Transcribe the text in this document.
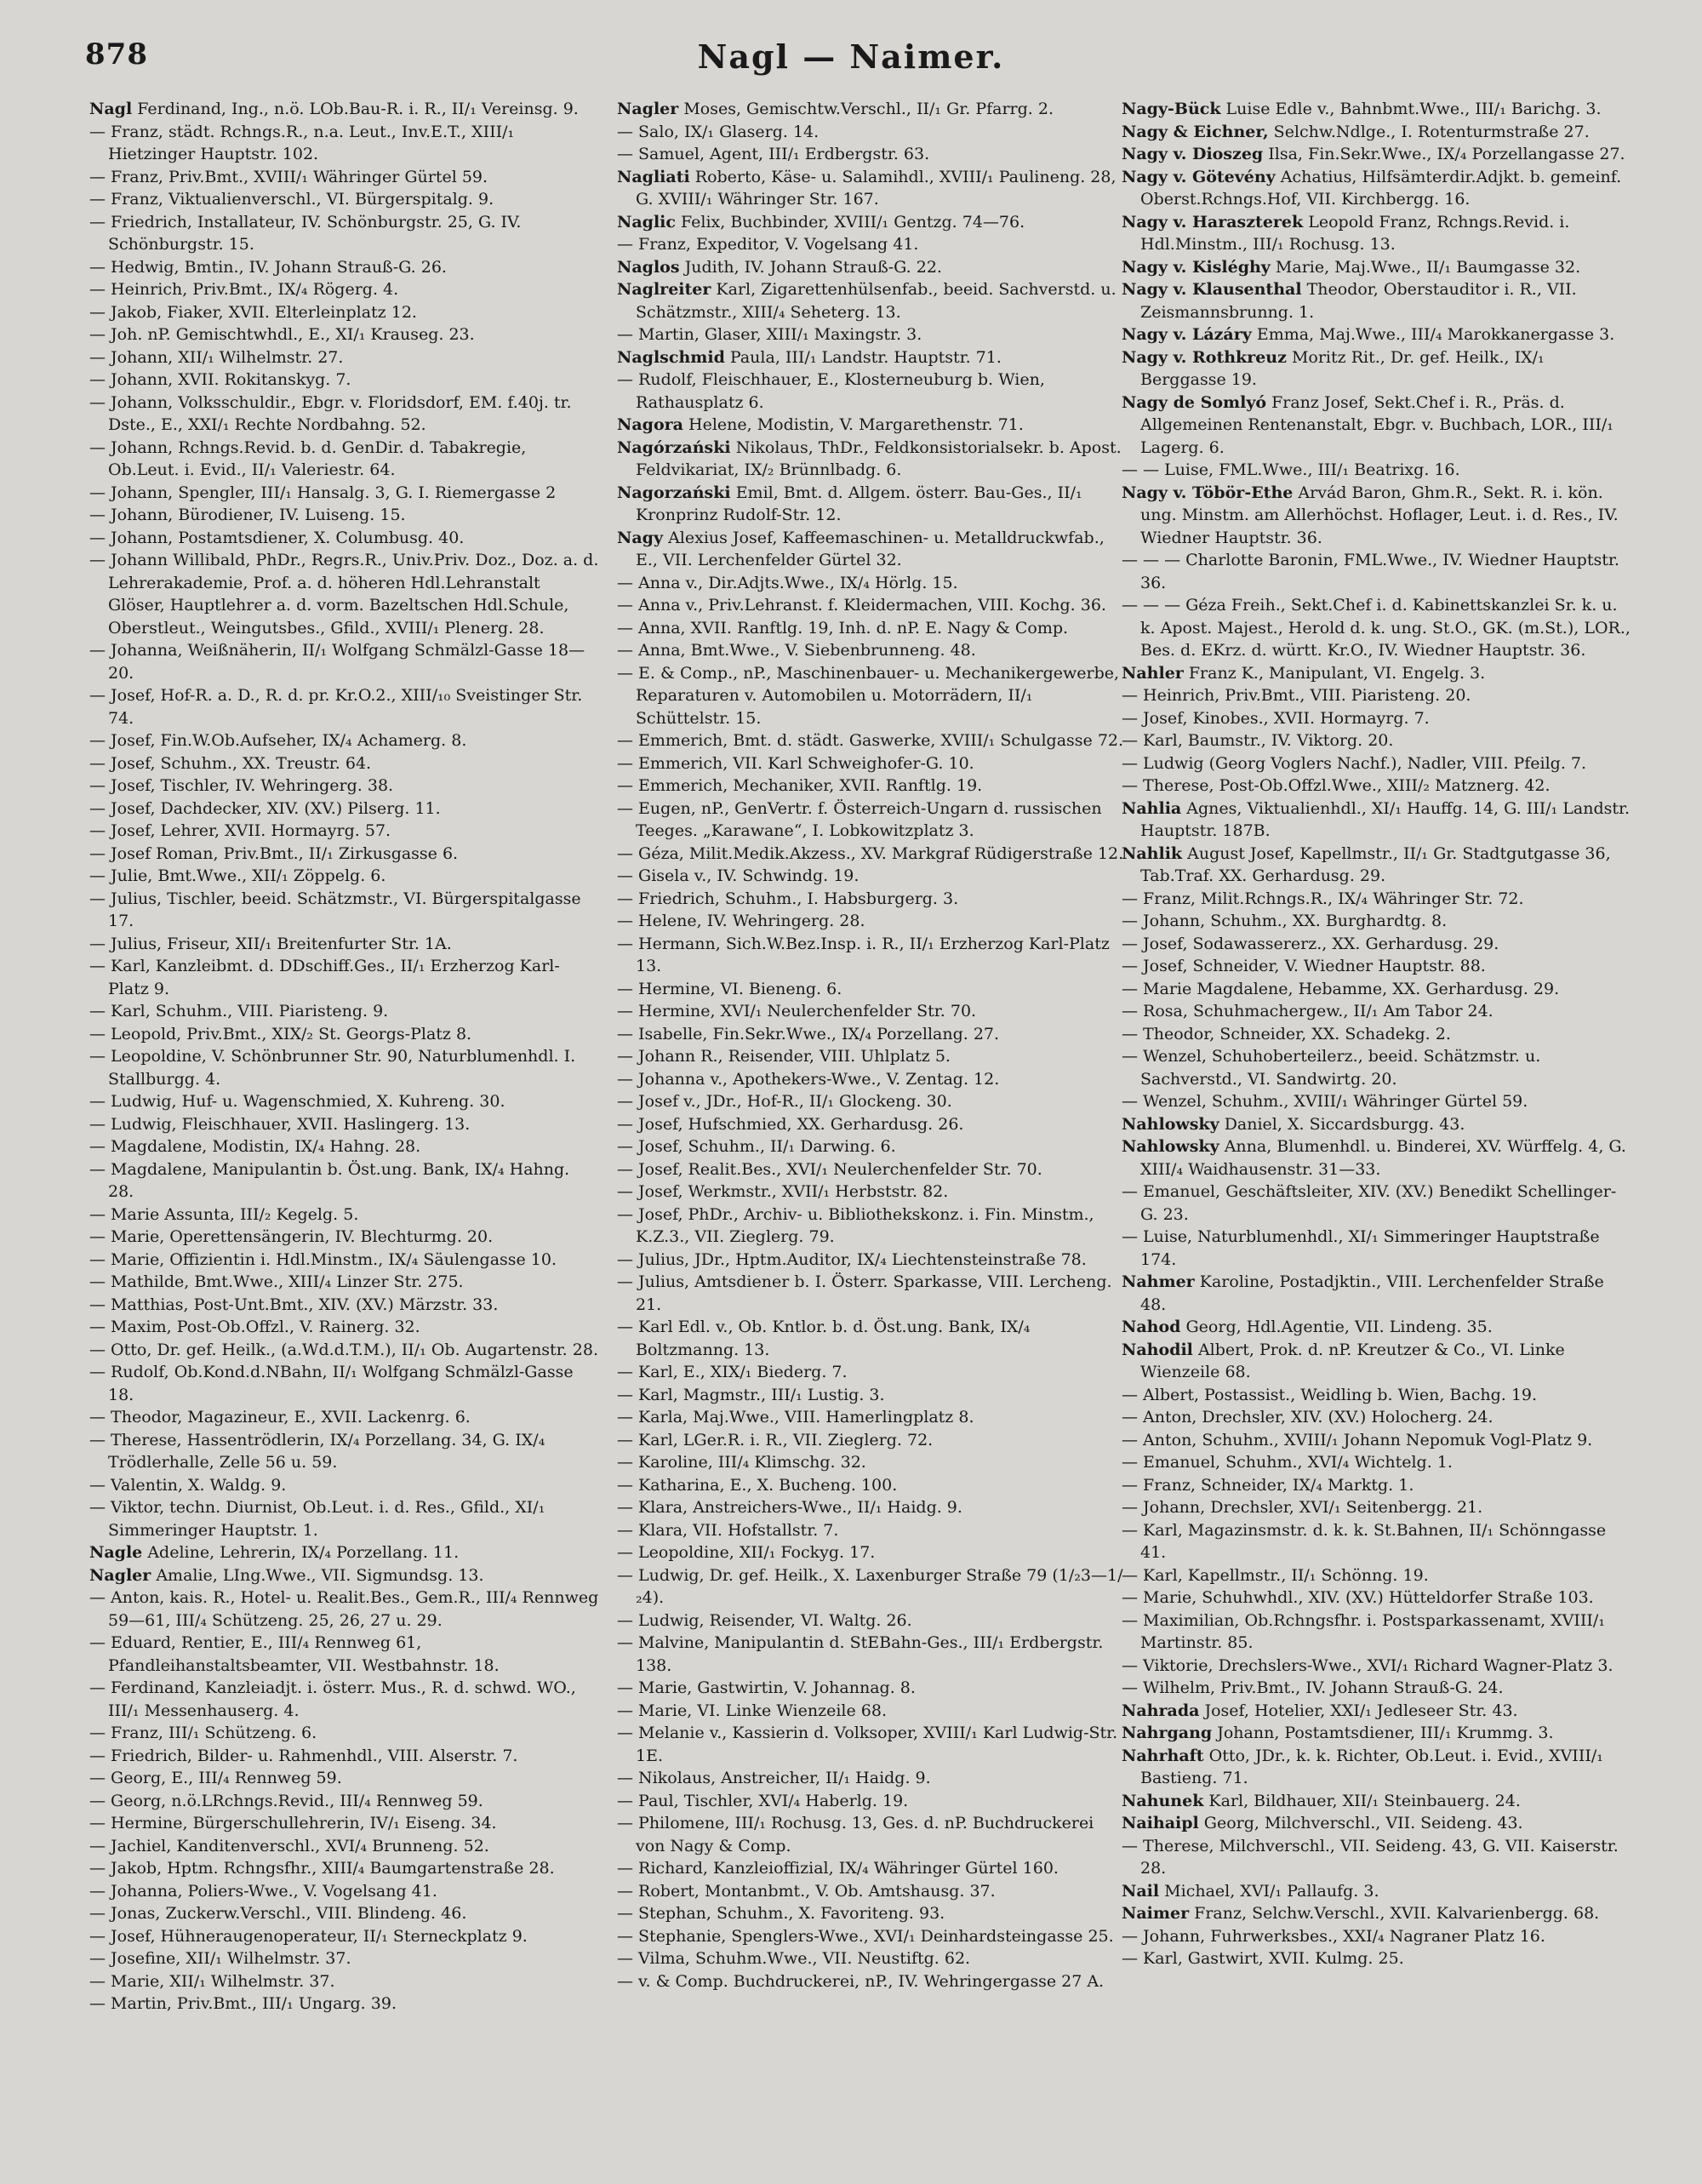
878	Nagl — Naimer.

Nagl Ferdinand, Ing., n.ö. LOb.Bau-R. i. R., II/₁ Vereinsg. 9.

— Franz, städt. Rchngs.R., n.a. Leut., Inv.E.T., XIII/₁ Hietzinger Hauptstr. 102.

— Franz, Priv.Bmt., XVIII/₁ Währinger Gürtel 59.

— Franz, Viktualienverschl., VI. Bürgerspitalg. 9.

— Friedrich, Installateur, IV. Schönburgstr. 25, G. IV. Schönburgstr. 15.

— Hedwig, Bmtin., IV. Johann Strauß-G. 26.

— Heinrich, Priv.Bmt., IX/₄ Rögerg. 4.

— Jakob, Fiaker, XVII. Elterleinplatz 12.

— Joh. nP. Gemischtwhdl., E., XI/₁ Krauseg. 23.

— Johann, XII/₁ Wilhelmstr. 27.

— Johann, XVII. Rokitanskyg. 7.

— Johann, Volksschuldir., Ebgr. v. Floridsdorf, EM. f.40j. tr. Dste., E., XXI/₁ Rechte Nordbahng. 52.

— Johann, Rchngs.Revid. b. d. GenDir. d. Tabakregie, Ob.Leut. i. Evid., II/₁ Valeriestr. 64.

— Johann, Spengler, III/₁ Hansalg. 3, G. I. Riemergasse 2

— Johann, Bürodiener, IV. Luiseng. 15.

— Johann, Postamtsdiener, X. Columbusg. 40.

— Johann Willibald, PhDr., Regrs.R., Univ.Priv. Doz., Doz. a. d. Lehrerakademie, Prof. a. d. höheren Hdl.Lehranstalt Glöser, Hauptlehrer a. d. vorm. Bazeltschen Hdl.Schule, Oberstleut., Weingutsbes., Gfild., XVIII/₁ Plenerg. 28.

— Johanna, Weißnäherin, II/₁ Wolfgang Schmälzl-Gasse 18—20.

— Josef, Hof-R. a. D., R. d. pr. Kr.O.2., XIII/₁₀ Sveistinger Str. 74.

— Josef, Fin.W.Ob.Aufseher, IX/₄ Achamerg. 8.

— Josef, Schuhm., XX. Treustr. 64.

— Josef, Tischler, IV. Wehringerg. 38.

— Josef, Dachdecker, XIV. (XV.) Pilserg. 11.

— Josef, Lehrer, XVII. Hormayrg. 57.

— Josef Roman, Priv.Bmt., II/₁ Zirkusgasse 6.

— Julie, Bmt.Wwe., XII/₁ Zöppelg. 6.

— Julius, Tischler, beeid. Schätzmstr., VI. Bürgerspitalgasse 17.

— Julius, Friseur, XII/₁ Breitenfurter Str. 1A.

— Karl, Kanzleibmt. d. DDschiff.Ges., II/₁ Erzherzog Karl-Platz 9.

— Karl, Schuhm., VIII. Piaristeng. 9.

— Leopold, Priv.Bmt., XIX/₂ St. Georgs-Platz 8.

— Leopoldine, V. Schönbrunner Str. 90, Naturblumenhdl. I. Stallburgg. 4.

— Ludwig, Huf- u. Wagenschmied, X. Kuhreng. 30.

— Ludwig, Fleischhauer, XVII. Haslingerg. 13.

— Magdalene, Modistin, IX/₄ Hahng. 28.

— Magdalene, Manipulantin b. Öst.ung. Bank, IX/₄ Hahng. 28.

— Marie Assunta, III/₂ Kegelg. 5.

— Marie, Operettensängerin, IV. Blechturmg. 20.

— Marie, Offizientin i. Hdl.Minstm., IX/₄ Säulengasse 10.

— Mathilde, Bmt.Wwe., XIII/₄ Linzer Str. 275.

— Matthias, Post-Unt.Bmt., XIV. (XV.) Märzstr. 33.

— Maxim, Post-Ob.Offzl., V. Rainerg. 32.

— Otto, Dr. gef. Heilk., (a.Wd.d.T.M.), II/₁ Ob. Augartenstr. 28.

— Rudolf, Ob.Kond.d.NBahn, II/₁ Wolfgang Schmälzl-Gasse 18.

— Theodor, Magazineur, E., XVII. Lackenrg. 6.

— Therese, Hassentrödlerin, IX/₄ Porzellang. 34, G. IX/₄ Trödlerhalle, Zelle 56 u. 59.

— Valentin, X. Waldg. 9.

— Viktor, techn. Diurnist, Ob.Leut. i. d. Res., Gfild., XI/₁ Simmeringer Hauptstr. 1.

Nagle Adeline, Lehrerin, IX/₄ Porzellang. 11.

Nagler Amalie, LIng.Wwe., VII. Sigmundsg. 13.

— Anton, kais. R., Hotel- u. Realit.Bes., Gem.R., III/₄ Rennweg 59—61, III/₄ Schützeng. 25, 26, 27 u. 29.

— Eduard, Rentier, E., III/₄ Rennweg 61, Pfandleihanstaltsbeamter, VII. Westbahnstr. 18.

— Ferdinand, Kanzleiadjt. i. österr. Mus., R. d. schwd. WO., III/₁ Messenhauserg. 4.

— Franz, III/₁ Schützeng. 6.

— Friedrich, Bilder- u. Rahmenhdl., VIII. Alserstr. 7.

— Georg, E., III/₄ Rennweg 59.

— Georg, n.ö.LRchngs.Revid., III/₄ Rennweg 59.

— Hermine, Bürgerschullehrerin, IV/₁ Eiseng. 34.

— Jachiel, Kanditenverschl., XVI/₄ Brunneng. 52.

— Jakob, Hptm. Rchngsfhr., XIII/₄ Baumgartenstraße 28.

— Johanna, Poliers-Wwe., V. Vogelsang 41.

— Jonas, Zuckerw.Verschl., VIII. Blindeng. 46.

— Josef, Hühneraugenoperateur, II/₁ Sterneckplatz 9.

— Josefine, XII/₁ Wilhelmstr. 37.

— Marie, XII/₁ Wilhelmstr. 37.

— Martin, Priv.Bmt., III/₁ Ungarg. 39.

Nagler Moses, Gemischtw.Verschl., II/₁ Gr. Pfarrg. 2.

— Salo, IX/₁ Glaserg. 14.

— Samuel, Agent, III/₁ Erdbergstr. 63.

Nagliati Roberto, Käse- u. Salamihdl., XVIII/₁ Paulineng. 28, G. XVIII/₁ Währinger Str. 167.

Naglic Felix, Buchbinder, XVIII/₁ Gentzg. 74—76.

— Franz, Expeditor, V. Vogelsang 41.

Naglos Judith, IV. Johann Strauß-G. 22.

Naglreiter Karl, Zigarettenhülsenfab., beeid. Sachverstd. u. Schätzmstr., XIII/₄ Seheterg. 13.

— Martin, Glaser, XIII/₁ Maxingstr. 3.

Naglschmid Paula, III/₁ Landstr. Hauptstr. 71.

— Rudolf, Fleischhauer, E., Klosterneuburg b. Wien, Rathausplatz 6.

Nagora Helene, Modistin, V. Margarethenstr. 71.

Nagórzański Nikolaus, ThDr., Feldkonsistorialsekr. b. Apost. Feldvikariat, IX/₂ Brünnlbadg. 6.

Nagorzański Emil, Bmt. d. Allgem. österr. Bau-Ges., II/₁ Kronprinz Rudolf-Str. 12.

Nagy Alexius Josef, Kaffeemaschinen- u. Metalldruckwfab., E., VII. Lerchenfelder Gürtel 32.

— Anna v., Dir.Adjts.Wwe., IX/₄ Hörlg. 15.

— Anna v., Priv.Lehranst. f. Kleidermachen, VIII. Kochg. 36.

— Anna, XVII. Ranftlg. 19, Inh. d. nP. E. Nagy & Comp.

— Anna, Bmt.Wwe., V. Siebenbrunneng. 48.

— E. & Comp., nP., Maschinenbauer- u. Mechanikergewerbe, Reparaturen v. Automobilen u. Motorrädern, II/₁ Schüttelstr. 15.

— Emmerich, Bmt. d. städt. Gaswerke, XVIII/₁ Schulgasse 72.

— Emmerich, VII. Karl Schweighofer-G. 10.

— Emmerich, Mechaniker, XVII. Ranftlg. 19.

— Eugen, nP., GenVertr. f. Österreich-Ungarn d. russischen Teeges. „Karawane“, I. Lobkowitzplatz 3.

— Géza, Milit.Medik.Akzess., XV. Markgraf Rüdigerstraße 12.

— Gisela v., IV. Schwindg. 19.

— Friedrich, Schuhm., I. Habsburgerg. 3.

— Helene, IV. Wehringerg. 28.

— Hermann, Sich.W.Bez.Insp. i. R., II/₁ Erzherzog Karl-Platz 13.

— Hermine, VI. Bieneng. 6.

— Hermine, XVI/₁ Neulerchenfelder Str. 70.

— Isabelle, Fin.Sekr.Wwe., IX/₄ Porzellang. 27.

— Johann R., Reisender, VIII. Uhlplatz 5.

— Johanna v., Apothekers-Wwe., V. Zentag. 12.

— Josef v., JDr., Hof-R., II/₁ Glockeng. 30.

— Josef, Hufschmied, XX. Gerhardusg. 26.

— Josef, Schuhm., II/₁ Darwing. 6.

— Josef, Realit.Bes., XVI/₁ Neulerchenfelder Str. 70.

— Josef, Werkmstr., XVII/₁ Herbststr. 82.

— Josef, PhDr., Archiv- u. Bibliothekskonz. i. Fin. Minstm., K.Z.3., VII. Zieglerg. 79.

— Julius, JDr., Hptm.Auditor, IX/₄ Liechtensteinstraße 78.

— Julius, Amtsdiener b. I. Österr. Sparkasse, VIII. Lercheng. 21.

— Karl Edl. v., Ob. Kntlor. b. d. Öst.ung. Bank, IX/₄ Boltzmanng. 13.

— Karl, E., XIX/₁ Biederg. 7.

— Karl, Magmstr., III/₁ Lustig. 3.

— Karla, Maj.Wwe., VIII. Hamerlingplatz 8.

— Karl, LGer.R. i. R., VII. Zieglerg. 72.

— Karoline, III/₄ Klimschg. 32.

— Katharina, E., X. Bucheng. 100.

— Klara, Anstreichers-Wwe., II/₁ Haidg. 9.

— Klara, VII. Hofstallstr. 7.

— Leopoldine, XII/₁ Fockyg. 17.

— Ludwig, Dr. gef. Heilk., X. Laxenburger Straße 79 (1/₂3—1/₂4).

— Ludwig, Reisender, VI. Waltg. 26.

— Malvine, Manipulantin d. StEBahn-Ges., III/₁ Erdbergstr. 138.

— Marie, Gastwirtin, V. Johannag. 8.

— Marie, VI. Linke Wienzeile 68.

— Melanie v., Kassierin d. Volksoper, XVIII/₁ Karl Ludwig-Str. 1E.

— Nikolaus, Anstreicher, II/₁ Haidg. 9.

— Paul, Tischler, XVI/₄ Haberlg. 19.

— Philomene, III/₁ Rochusg. 13, Ges. d. nP. Buchdruckerei von Nagy & Comp.

— Richard, Kanzleioffizial, IX/₄ Währinger Gürtel 160.

— Robert, Montanbmt., V. Ob. Amtshausg. 37.

— Stephan, Schuhm., X. Favoriteng. 93.

— Stephanie, Spenglers-Wwe., XVI/₁ Deinhardsteingasse 25.

— Vilma, Schuhm.Wwe., VII. Neustiftg. 62.

— v. & Comp. Buchdruckerei, nP., IV. Wehringergasse 27 A.

Nagy-Bück Luise Edle v., Bahnbmt.Wwe., III/₁ Barichg. 3.

Nagy & Eichner, Selchw.Ndlge., I. Rotenturmstraße 27.

Nagy v. Dioszeg Ilsa, Fin.Sekr.Wwe., IX/₄ Porzellangasse 27.

Nagy v. Götevény Achatius, Hilfsämterdir.Adjkt. b. gemeinf. Oberst.Rchngs.Hof, VII. Kirchbergg. 16.

Nagy v. Haraszterek Leopold Franz, Rchngs.Revid. i. Hdl.Minstm., III/₁ Rochusg. 13.

Nagy v. Kisléghy Marie, Maj.Wwe., II/₁ Baumgasse 32.

Nagy v. Klausenthal Theodor, Oberstauditor i. R., VII. Zeismannsbrunng. 1.

Nagy v. Lázáry Emma, Maj.Wwe., III/₄ Marokkanergasse 3.

Nagy v. Rothkreuz Moritz Rit., Dr. gef. Heilk., IX/₁ Berggasse 19.

Nagy de Somlyó Franz Josef, Sekt.Chef i. R., Präs. d. Allgemeinen Rentenanstalt, Ebgr. v. Buchbach, LOR., III/₁ Lagerg. 6.

— — Luise, FML.Wwe., III/₁ Beatrixg. 16.

Nagy v. Töbör-Ethe Arvád Baron, Ghm.R., Sekt. R. i. kön. ung. Minstm. am Allerhöchst. Hoflager, Leut. i. d. Res., IV. Wiedner Hauptstr. 36.

— — — Charlotte Baronin, FML.Wwe., IV. Wiedner Hauptstr. 36.

— — — Géza Freih., Sekt.Chef i. d. Kabinettskanzlei Sr. k. u. k. Apost. Majest., Herold d. k. ung. St.O., GK. (m.St.), LOR., Bes. d. EKrz. d. württ. Kr.O., IV. Wiedner Hauptstr. 36.

Nahler Franz K., Manipulant, VI. Engelg. 3.

— Heinrich, Priv.Bmt., VIII. Piaristeng. 20.

— Josef, Kinobes., XVII. Hormayrg. 7.

— Karl, Baumstr., IV. Viktorg. 20.

— Ludwig (Georg Voglers Nachf.), Nadler, VIII. Pfeilg. 7.

— Therese, Post-Ob.Offzl.Wwe., XIII/₂ Matznerg. 42.

Nahlia Agnes, Viktualienhdl., XI/₁ Hauffg. 14, G. III/₁ Landstr. Hauptstr. 187B.

Nahlik August Josef, Kapellmstr., II/₁ Gr. Stadtgutgasse 36, Tab.Traf. XX. Gerhardusg. 29.

— Franz, Milit.Rchngs.R., IX/₄ Währinger Str. 72.

— Johann, Schuhm., XX. Burghardtg. 8.

— Josef, Sodawassererz., XX. Gerhardusg. 29.

— Josef, Schneider, V. Wiedner Hauptstr. 88.

— Marie Magdalene, Hebamme, XX. Gerhardusg. 29.

— Rosa, Schuhmachergew., II/₁ Am Tabor 24.

— Theodor, Schneider, XX. Schadekg. 2.

— Wenzel, Schuhoberteilerz., beeid. Schätzmstr. u. Sachverstd., VI. Sandwirtg. 20.

— Wenzel, Schuhm., XVIII/₁ Währinger Gürtel 59.

Nahlowsky Daniel, X. Siccardsburgg. 43.

Nahlowsky Anna, Blumenhdl. u. Binderei, XV. Würffelg. 4, G. XIII/₄ Waidhausenstr. 31—33.

— Emanuel, Geschäftsleiter, XIV. (XV.) Benedikt Schellinger-G. 23.

— Luise, Naturblumenhdl., XI/₁ Simmeringer Hauptstraße 174.

Nahmer Karoline, Postadjktin., VIII. Lerchenfelder Straße 48.

Nahod Georg, Hdl.Agentie, VII. Lindeng. 35.

Nahodil Albert, Prok. d. nP. Kreutzer & Co., VI. Linke Wienzeile 68.

— Albert, Postassist., Weidling b. Wien, Bachg. 19.

— Anton, Drechsler, XIV. (XV.) Holocherg. 24.

— Anton, Schuhm., XVIII/₁ Johann Nepomuk Vogl-Platz 9.

— Emanuel, Schuhm., XVI/₄ Wichtelg. 1.

— Franz, Schneider, IX/₄ Marktg. 1.

— Johann, Drechsler, XVI/₁ Seitenbergg. 21.

— Karl, Magazinsmstr. d. k. k. St.Bahnen, II/₁ Schönngasse 41.

— Karl, Kapellmstr., II/₁ Schönng. 19.

— Marie, Schuhwhdl., XIV. (XV.) Hütteldorfer Straße 103.

— Maximilian, Ob.Rchngsfhr. i. Postsparkassenamt, XVIII/₁ Martinstr. 85.

— Viktorie, Drechslers-Wwe., XVI/₁ Richard Wagner-Platz 3.

— Wilhelm, Priv.Bmt., IV. Johann Strauß-G. 24.

Nahrada Josef, Hotelier, XXI/₁ Jedleseer Str. 43.

Nahrgang Johann, Postamtsdiener, III/₁ Krummg. 3.

Nahrhaft Otto, JDr., k. k. Richter, Ob.Leut. i. Evid., XVIII/₁ Bastieng. 71.

Nahunek Karl, Bildhauer, XII/₁ Steinbauerg. 24.

Naihaipl Georg, Milchverschl., VII. Seideng. 43.

— Therese, Milchverschl., VII. Seideng. 43, G. VII. Kaiserstr. 28.

Nail Michael, XVI/₁ Pallaufg. 3.

Naimer Franz, Selchw.Verschl., XVII. Kalvarienbergg. 68.

— Johann, Fuhrwerksbes., XXI/₄ Nagraner Platz 16.

— Karl, Gastwirt, XVII. Kulmg. 25.
